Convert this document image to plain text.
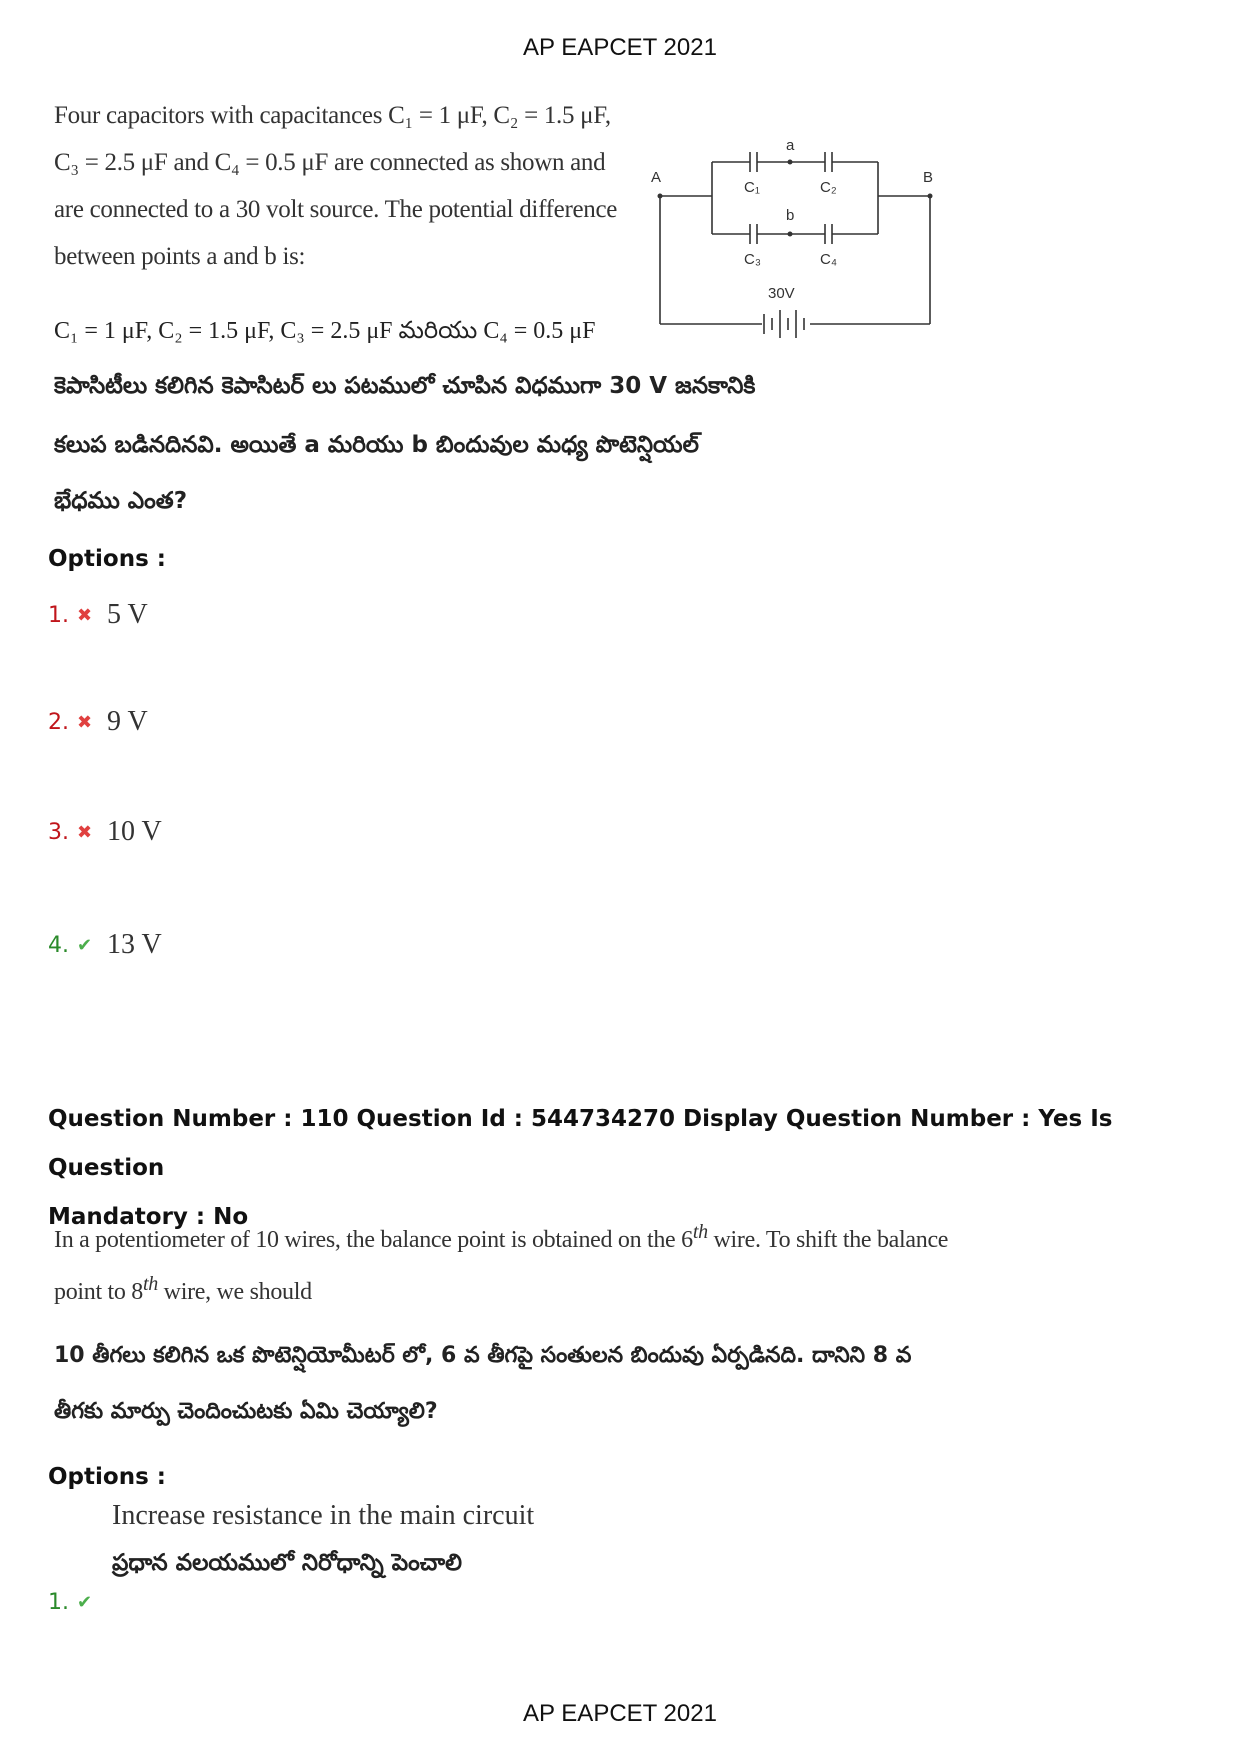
AP EAPCET 2021
Four capacitors with capacitances C₁ = 1 μF, C₂ = 1.5 μF,
C₃ = 2.5 μF and C₄ = 0.5 μF are connected as shown and
are connected to a 30 volt source. The potential difference
between points a and b is:
A	B
a
b
C₁	C₂
C₃	C₄
30V
C₁ = 1 μF, C₂ = 1.5 μF, C₃ = 2.5 μF మరియు C₄ = 0.5 μF
కెపాసిటీలు కలిగిన కెపాసిటర్ లు పటములో చూపిన విధముగా 30 V జనకానికి
కలుప బడినదినవి. అయితే a మరియు b బిందువుల మధ్య పొటెన్షియల్
భేధము ఎంత?
Options :
1. ✖ 5 V
2. ✖ 9 V
3. ✖ 10 V
4. ✔ 13 V
Question Number : 110 Question Id : 544734270 Display Question Number : Yes Is Question
Mandatory : No
In a potentiometer of 10 wires, the balance point is obtained on the 6th wire. To shift the balance
point to 8th wire, we should
10 తీగలు కలిగిన ఒక పొటెన్షియోమీటర్ లో, 6 వ తీగపై సంతులన బిందువు ఏర్పడినది. దానిని 8 వ
తీగకు మార్పు చెందించుటకు ఏమి చెయ్యాలి?
Options :
Increase resistance in the main circuit
ప్రధాన వలయములో నిరోధాన్ని పెంచాలి
1. ✔
AP EAPCET 2021
